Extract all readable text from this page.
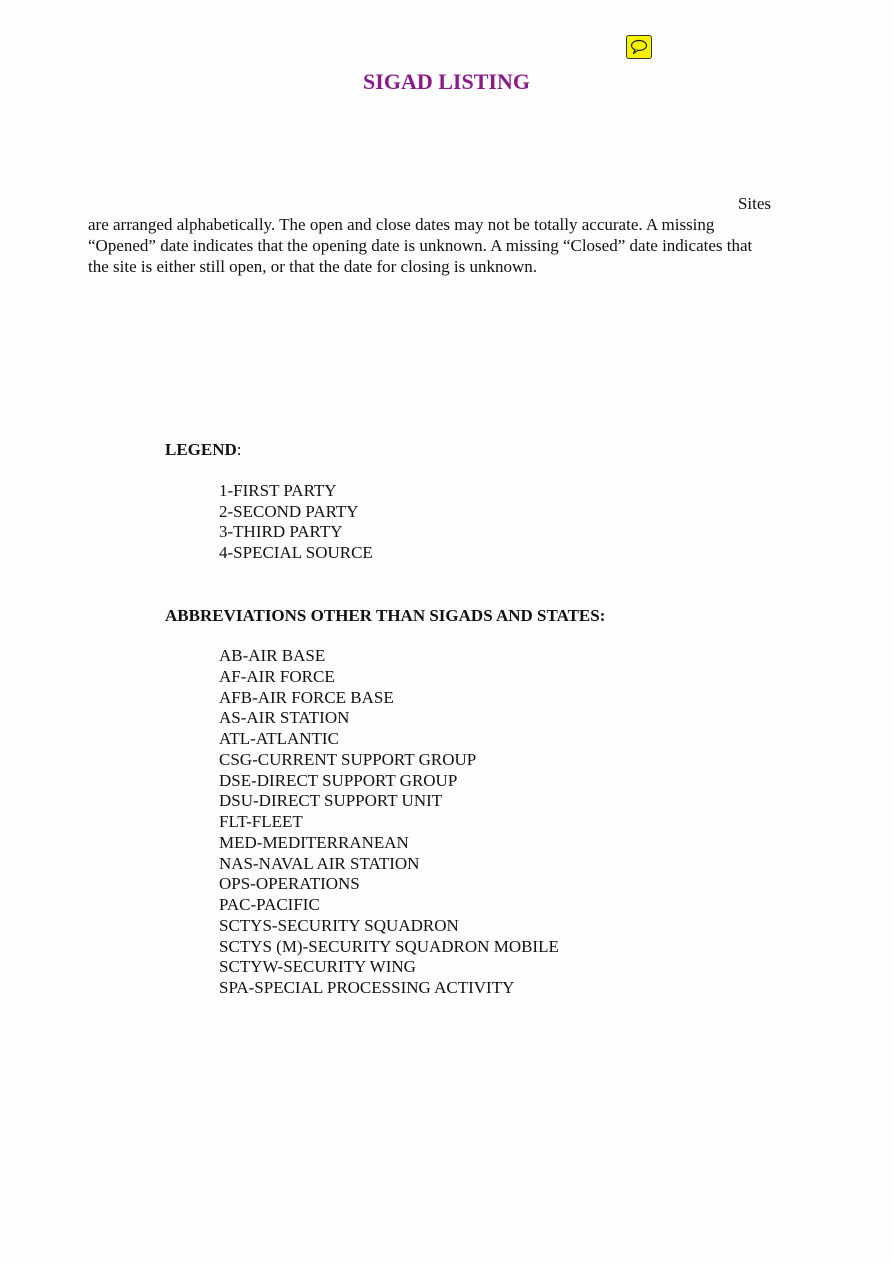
SIGAD LISTING

Sites
are arranged alphabetically. The open and close dates may not be totally accurate. A missing “Opened” date indicates that the opening date is unknown. A missing “Closed” date indicates that the site is either still open, or that the date for closing is unknown.

LEGEND:

1-FIRST PARTY
2-SECOND PARTY
3-THIRD PARTY
4-SPECIAL SOURCE

ABBREVIATIONS OTHER THAN SIGADS AND STATES:

AB-AIR BASE
AF-AIR FORCE
AFB-AIR FORCE BASE
AS-AIR STATION
ATL-ATLANTIC
CSG-CURRENT SUPPORT GROUP
DSE-DIRECT SUPPORT GROUP
DSU-DIRECT SUPPORT UNIT
FLT-FLEET
MED-MEDITERRANEAN
NAS-NAVAL AIR STATION
OPS-OPERATIONS
PAC-PACIFIC
SCTYS-SECURITY SQUADRON
SCTYS (M)-SECURITY SQUADRON MOBILE
SCTYW-SECURITY WING
SPA-SPECIAL PROCESSING ACTIVITY
